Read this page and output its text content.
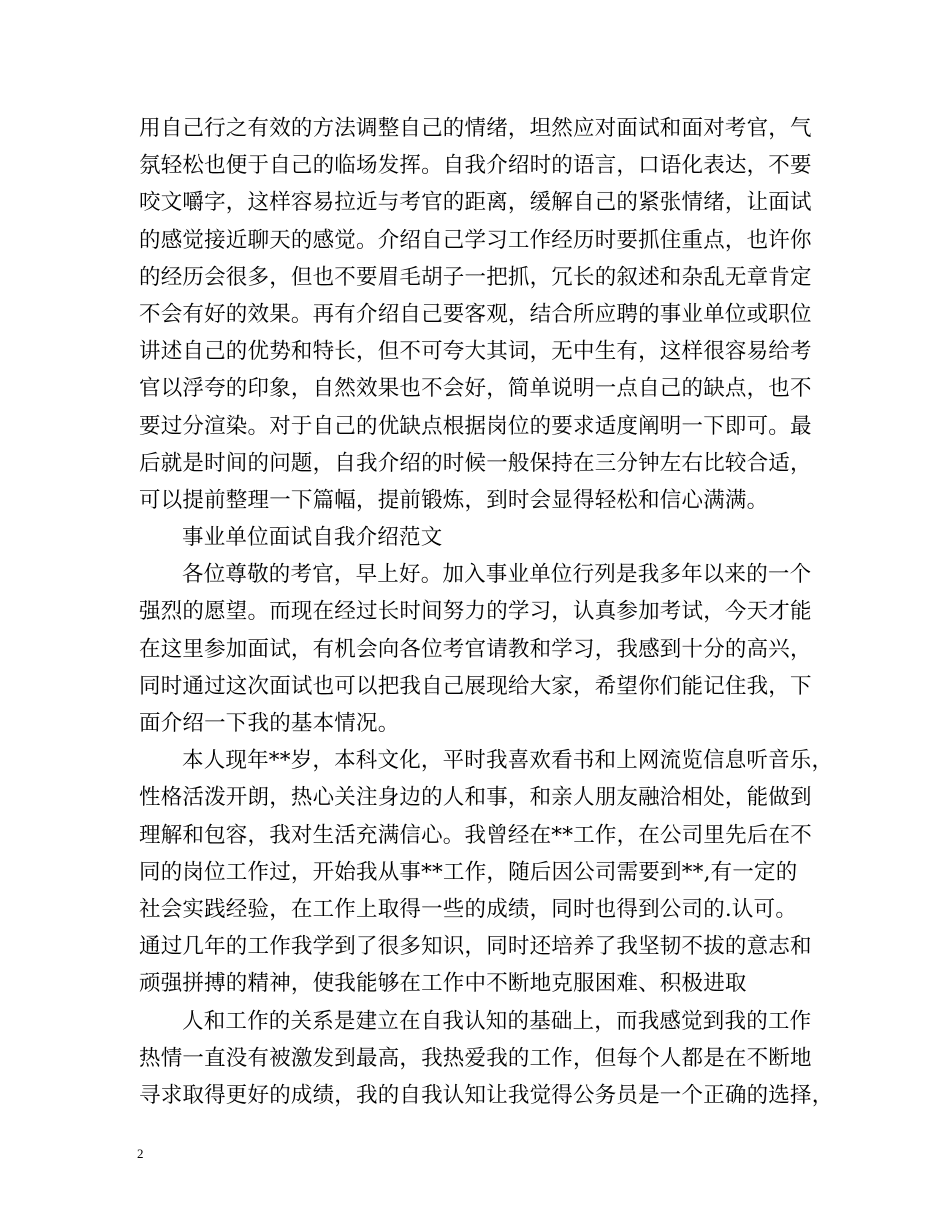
用自己行之有效的方法调整自己的情绪，坦然应对面试和面对考官，气
氛轻松也便于自己的临场发挥。自我介绍时的语言，口语化表达，不要
咬文嚼字，这样容易拉近与考官的距离，缓解自己的紧张情绪，让面试
的感觉接近聊天的感觉。介绍自己学习工作经历时要抓住重点，也许你
的经历会很多，但也不要眉毛胡子一把抓，冗长的叙述和杂乱无章肯定
不会有好的效果。再有介绍自己要客观，结合所应聘的事业单位或职位
讲述自己的优势和特长，但不可夸大其词，无中生有，这样很容易给考
官以浮夸的印象，自然效果也不会好，简单说明一点自己的缺点，也不
要过分渲染。对于自己的优缺点根据岗位的要求适度阐明一下即可。最
后就是时间的问题，自我介绍的时候一般保持在三分钟左右比较合适，
可以提前整理一下篇幅，提前锻炼，到时会显得轻松和信心满满。
事业单位面试自我介绍范文
各位尊敬的考官，早上好。加入事业单位行列是我多年以来的一个
强烈的愿望。而现在经过长时间努力的学习，认真参加考试，今天才能
在这里参加面试，有机会向各位考官请教和学习，我感到十分的高兴，
同时通过这次面试也可以把我自己展现给大家，希望你们能记住我，下
面介绍一下我的基本情况。
本人现年**岁，本科文化，平时我喜欢看书和上网流览信息听音乐，
性格活泼开朗，热心关注身边的人和事，和亲人朋友融洽相处，能做到
理解和包容，我对生活充满信心。我曾经在**工作，在公司里先后在不
同的岗位工作过，开始我从事**工作，随后因公司需要到**,有一定的
社会实践经验，在工作上取得一些的成绩，同时也得到公司的.认可。
通过几年的工作我学到了很多知识，同时还培养了我坚韧不拔的意志和
顽强拼搏的精神，使我能够在工作中不断地克服困难、积极进取
人和工作的关系是建立在自我认知的基础上，而我感觉到我的工作
热情一直没有被激发到最高，我热爱我的工作，但每个人都是在不断地
寻求取得更好的成绩，我的自我认知让我觉得公务员是一个正确的选择，
2
